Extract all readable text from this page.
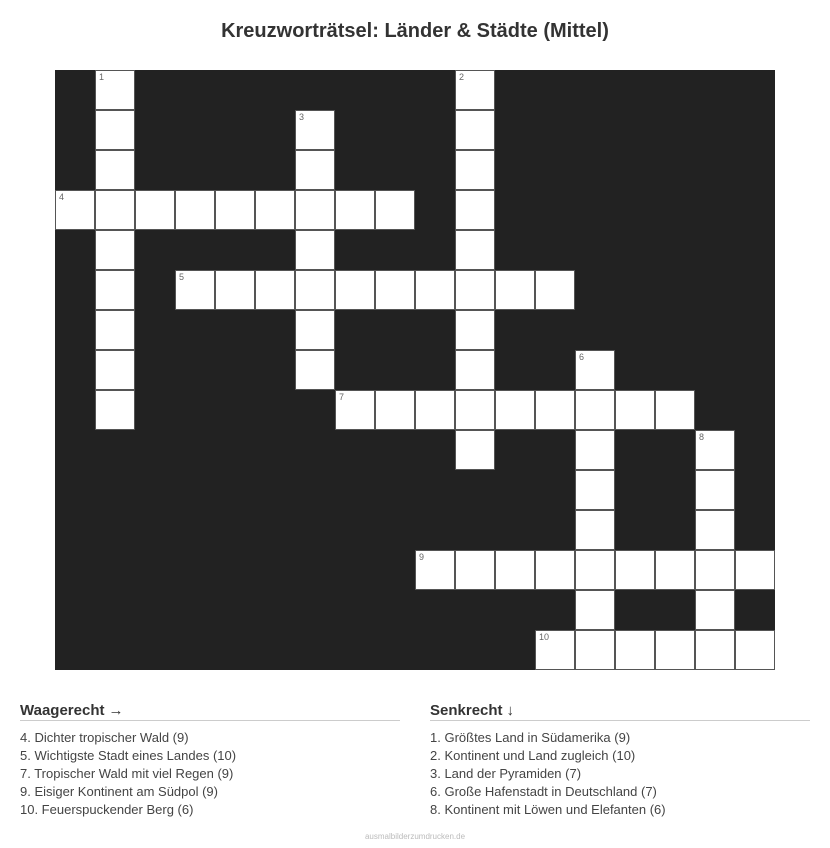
Kreuzworträtsel: Länder & Städte (Mittel)
1	2
3
4
5
6
7
8
9
10
Waagerecht →
4. Dichter tropischer Wald (9)
5. Wichtigste Stadt eines Landes (10)
7. Tropischer Wald mit viel Regen (9)
9. Eisiger Kontinent am Südpol (9)
10. Feuerspuckender Berg (6)
Senkrecht ↓
1. Größtes Land in Südamerika (9)
2. Kontinent und Land zugleich (10)
3. Land der Pyramiden (7)
6. Große Hafenstadt in Deutschland (7)
8. Kontinent mit Löwen und Elefanten (6)
ausmalbilderzumdrucken.de
